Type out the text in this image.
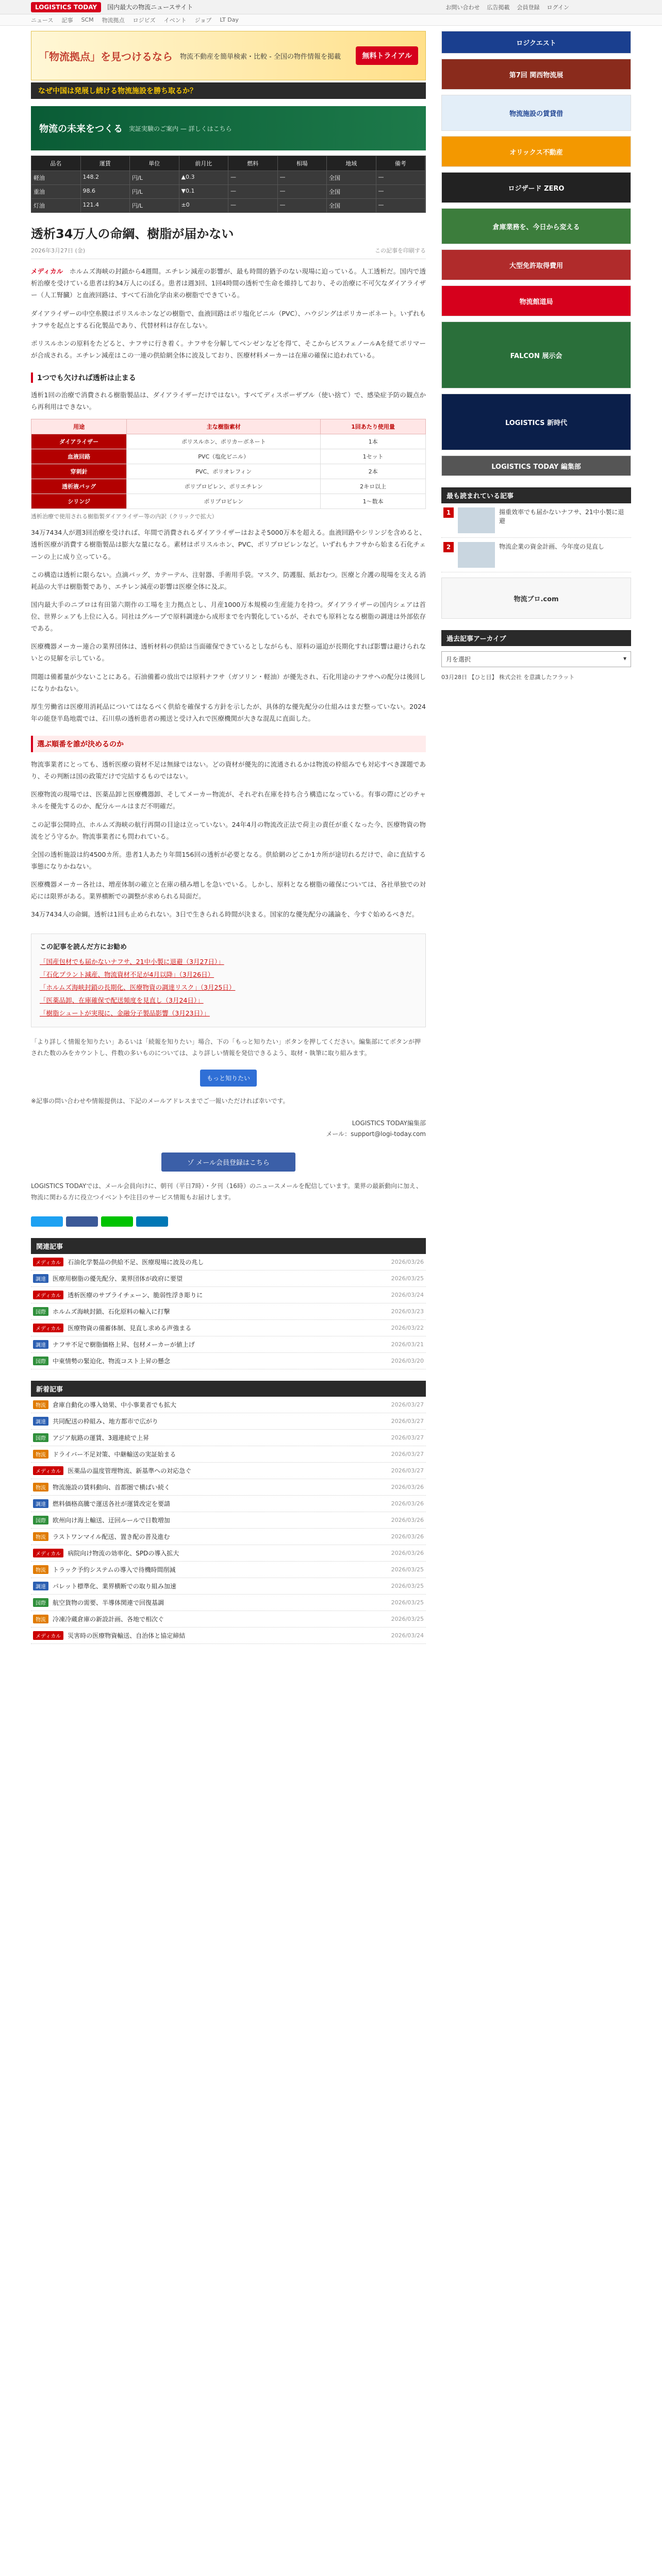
LOGISTICS TODAY	国内最大の物流ニュースサイト	お問い合わせ 広告掲載 会員登録 ログイン
ニュース 記事 SCM 物流拠点 ロジビズ イベント ジョブ LT Day
「物流拠点」を見つけるなら 物流不動産を簡単検索・比較 - 全国の物件情報を掲載	無料トライアル
なぜ中国は発展し続ける物流施設を勝ち取るか？
物流の未来をつくる 実証実験のご案内 — 詳しくはこちら
品名	運賃	単位	前月比	燃料	相場	地域	備考
軽油	148.2	円/L	▲0.3	—	—	全国	—
重油	98.6	円/L	▼0.1	—	—	全国	—
灯油	121.4	円/L	±0	—	—	全国	—
透析34万人の命綱、樹脂が届かない
2026年3月27日 (金)	この記事を印刷する

メディカル　 ホルムズ海峡の封鎖から4週間。エチレン減産の影響が、最も時間的猶予のない現場に迫っている。人工透析だ。国内で透析治療を受けている患者は約34万人にのぼる。患者は週3回、1回4時間の透析で生命を維持しており、その治療に不可欠なダイアライザー（人工腎臓）と血液回路は、すべて石油化学由来の樹脂でできている。

ダイアライザーの中空糸膜はポリスルホンなどの樹脂で、血液回路はポリ塩化ビニル（PVC）、ハウジングはポリカーボネート。いずれもナフサを起点とする石化製品であり、代替材料は存在しない。

ポリスルホンの原料をたどると、ナフサに行き着く。ナフサを分解してベンゼンなどを得て、そこからビスフェノールAを経てポリマーが合成される。エチレン減産はこの一連の供給網全体に波及しており、医療材料メーカーは在庫の確保に追われている。

1つでも欠ければ透析は止まる

透析1回の治療で消費される樹脂製品は、ダイアライザーだけではない。すべてディスポーザブル（使い捨て）で、感染症予防の観点から再利用はできない。

用途	主な樹脂素材	1回あたり使用量
ダイアライザー	ポリスルホン、ポリカーボネート	1本
血液回路	PVC（塩化ビニル）	1セット
穿刺針	PVC、ポリオレフィン	2本
透析液バッグ	ポリプロピレン、ポリエチレン	2キロ以上
シリンジ	ポリプロピレン	1〜数本
透析治療で使用される樹脂製ダイアライザー等の内訳（クリックで拡大）

34万7434人が週3回治療を受ければ、年間で消費されるダイアライザーはおよそ5000万本を超える。血液回路やシリンジを含めると、透析医療が消費する樹脂製品は膨大な量になる。素材はポリスルホン、PVC、ポリプロピレンなど。いずれもナフサから始まる石化チェーンの上に成り立っている。

この構造は透析に限らない。点滴バッグ、カテーテル、注射器、手術用手袋。マスク、防護服、紙おむつ。医療と介護の現場を支える消耗品の大半は樹脂製であり、エチレン減産の影響は医療全体に及ぶ。

国内最大手のニプロは有田第六期作の工場を主力拠点とし、月産1000万本規模の生産能力を持つ。ダイアライザーの国内シェアは首位、世界シェアも上位に入る。同社はグループで原料調達から成形までを内製化しているが、それでも原料となる樹脂の調達は外部依存である。

医療機器メーカー連合の業界団体は、透析材料の供給は当面確保できているとしながらも、原料の逼迫が長期化すれば影響は避けられないとの見解を示している。

問題は備蓄量が少ないことにある。石油備蓄の放出では原料ナフサ（ガソリン・軽油）が優先され、石化用途のナフサへの配分は後回しになりかねない。

厚生労働省は医療用消耗品についてはなるべく供給を確保する方針を示したが、具体的な優先配分の仕組みはまだ整っていない。2024年の能登半島地震では、石川県の透析患者の搬送と受け入れで医療機関が大きな混乱に直面した。

選ぶ順番を誰が決めるのか

物流事業者にとっても、透析医療の資材不足は無縁ではない。どの資材が優先的に流通されるかは物流の枠組みでも対応すべき課題であり、その判断は国の政策だけで完結するものではない。

医療物流の現場では、医薬品卸と医療機器卸、そしてメーカー物流が、それぞれ在庫を持ち合う構造になっている。有事の際にどのチャネルを優先するのか、配分ルールはまだ不明確だ。

この記事公開時点、ホルムズ海峡の航行再開の目途は立っていない。24年4月の物流改正法で荷主の責任が重くなった今、医療物資の物流をどう守るか。物流事業者にも問われている。

全国の透析施設は約4500カ所。患者1人あたり年間156回の透析が必要となる。供給網のどこか1カ所が途切れるだけで、命に直結する事態になりかねない。

医療機器メーカー各社は、増産体制の確立と在庫の積み増しを急いでいる。しかし、原料となる樹脂の確保については、各社単独での対応には限界がある。業界横断での調整が求められる局面だ。

34万7434人の命綱。透析は1回も止められない。3日で生きられる時間が決まる。国家的な優先配分の議論を、今すぐ始めるべきだ。

この記事を読んだ方にお勧め
「国産包材でも届かないナフサ、21中小製に退避（3月27日）」
「石化プラント減産、物流資材不足が4月以降」（3月26日）
「ホルムズ海峡封鎖の長期化、医療物資の調達リスク」（3月25日）
「医薬品卸、在庫確保で配送頻度を見直し（3月24日）」
「樹脂シュートが実現に、金融分子製品影響（3月23日）」
「より詳しく情報を知りたい」あるいは「続報を知りたい」場合、下の「もっと知りたい」ボタンを押してください。編集部にてボタンが押された数のみをカウントし、件数の多いものについては、より詳しい情報を発信できるよう、取材・執筆に取り組みます。
もっと知りたい
※記事の問い合わせや情報提供は、下記のメールアドレスまでご一報いただければ幸いです。
LOGISTICS TODAY編集部
メール：support@logi-today.com
ゾ メール会員登録はこちら
LOGISTICS TODAYでは、メール会員向けに、朝刊（平日7時）・夕刊（16時）のニュースメールを配信しています。業界の最新動向に加え、物流に関わる方に役立つイベントや注目のサービス情報もお届けします。
関連記事
メディカル	石油化学製品の供給不足、医療現場に波及の兆し	2026/03/26
調達	医療用樹脂の優先配分、業界団体が政府に要望	2026/03/25
メディカル	透析医療のサプライチェーン、脆弱性浮き彫りに	2026/03/24
国際	ホルムズ海峡封鎖、石化原料の輸入に打撃	2026/03/23
メディカル	医療物資の備蓄体制、見直し求める声強まる	2026/03/22
調達	ナフサ不足で樹脂価格上昇、包材メーカーが値上げ	2026/03/21
国際	中東情勢の緊迫化、物流コスト上昇の懸念	2026/03/20
新着記事
物流	倉庫自動化の導入効果、中小事業者でも拡大	2026/03/27
調達	共同配送の枠組み、地方都市で広がり	2026/03/27
国際	アジア航路の運賃、3週連続で上昇	2026/03/27
物流	ドライバー不足対策、中継輸送の実証始まる	2026/03/27
メディカル	医薬品の温度管理物流、新基準への対応急ぐ	2026/03/27
物流	物流施設の賃料動向、首都圏で横ばい続く	2026/03/26
調達	燃料価格高騰で運送各社が運賃改定を要請	2026/03/26
国際	欧州向け海上輸送、迂回ルールで日数増加	2026/03/26
物流	ラストワンマイル配送、置き配の普及進む	2026/03/26
メディカル	病院向け物流の効率化、SPDの導入拡大	2026/03/26
物流	トラック予約システムの導入で待機時間削減	2026/03/25
調達	パレット標準化、業界横断での取り組み加速	2026/03/25
国際	航空貨物の需要、半導体関連で回復基調	2026/03/25
物流	冷凍冷蔵倉庫の新設計画、各地で相次ぐ	2026/03/25
メディカル	災害時の医療物資輸送、自治体と協定締結	2026/03/24
ロジクエスト
第7回 関西物流展
物流施設の賃貸借
オリックス不動産
ロジザード ZERO
倉庫業務を、今日から変える
大型免許取得費用
物流館道局
FALCON 展示会
LOGISTICS 新時代
LOGISTICS TODAY 編集部
最も読まれている記事
1	揚重效率でも届かないナフサ、21中小製に退避
2	物流企業の資金計画、今年度の見直し
物流ブロ.com
過去記事アーカイブ
月を選択	▾
03月28日 【ひと目】 株式会社 を意識したフラット
